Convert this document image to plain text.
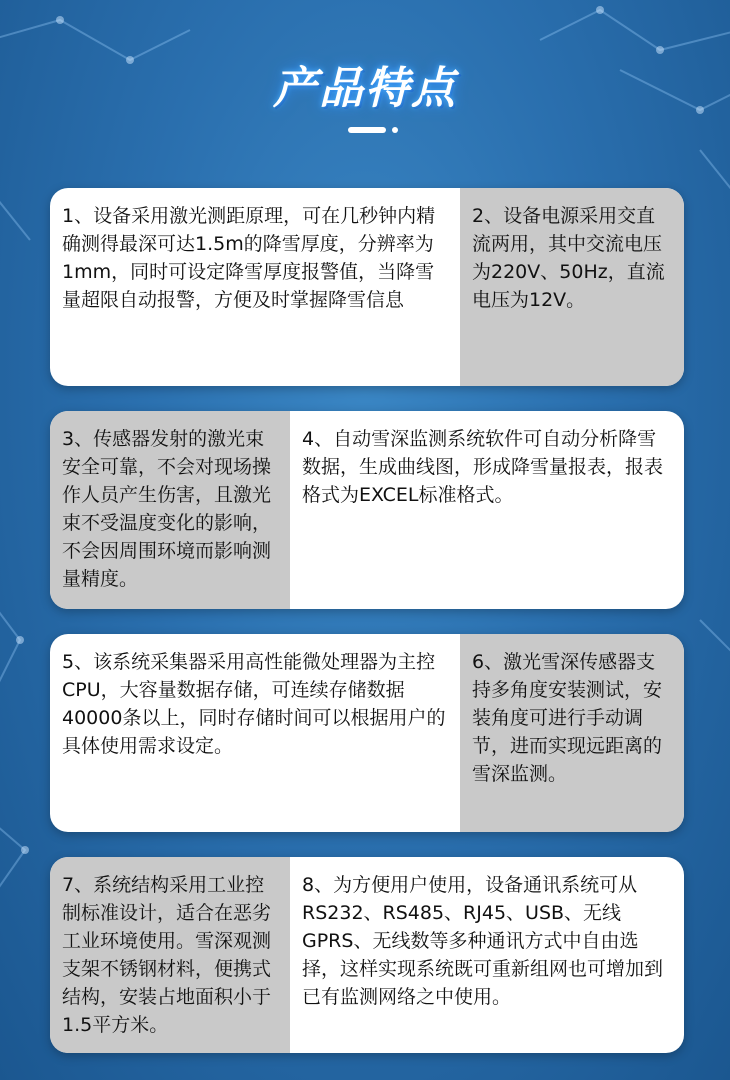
产品特点
1、设备采用激光测距原理，可在几秒钟内精确测得最深可达1.5m的降雪厚度，分辨率为1mm，同时可设定降雪厚度报警值，当降雪量超限自动报警，方便及时掌握降雪信息
2、设备电源采用交直流两用，其中交流电压为220V、50Hz，直流电压为12V。
3、传感器发射的激光束安全可靠，不会对现场操作人员产生伤害，且激光束不受温度变化的影响，不会因周围环境而影响测量精度。
4、自动雪深监测系统软件可自动分析降雪数据，生成曲线图，形成降雪量报表，报表格式为EXCEL标准格式。
5、该系统采集器采用高性能微处理器为主控CPU，大容量数据存储，可连续存储数据40000条以上，同时存储时间可以根据用户的具体使用需求设定。
6、激光雪深传感器支持多角度安装测试，安装角度可进行手动调节，进而实现远距离的雪深监测。
7、系统结构采用工业控制标准设计，适合在恶劣工业环境使用。雪深观测支架不锈钢材料，便携式结构，安装占地面积小于1.5平方米。
8、为方便用户使用，设备通讯系统可从RS232、RS485、RJ45、USB、无线GPRS、无线数等多种通讯方式中自由选择，这样实现系统既可重新组网也可增加到已有监测网络之中使用。
